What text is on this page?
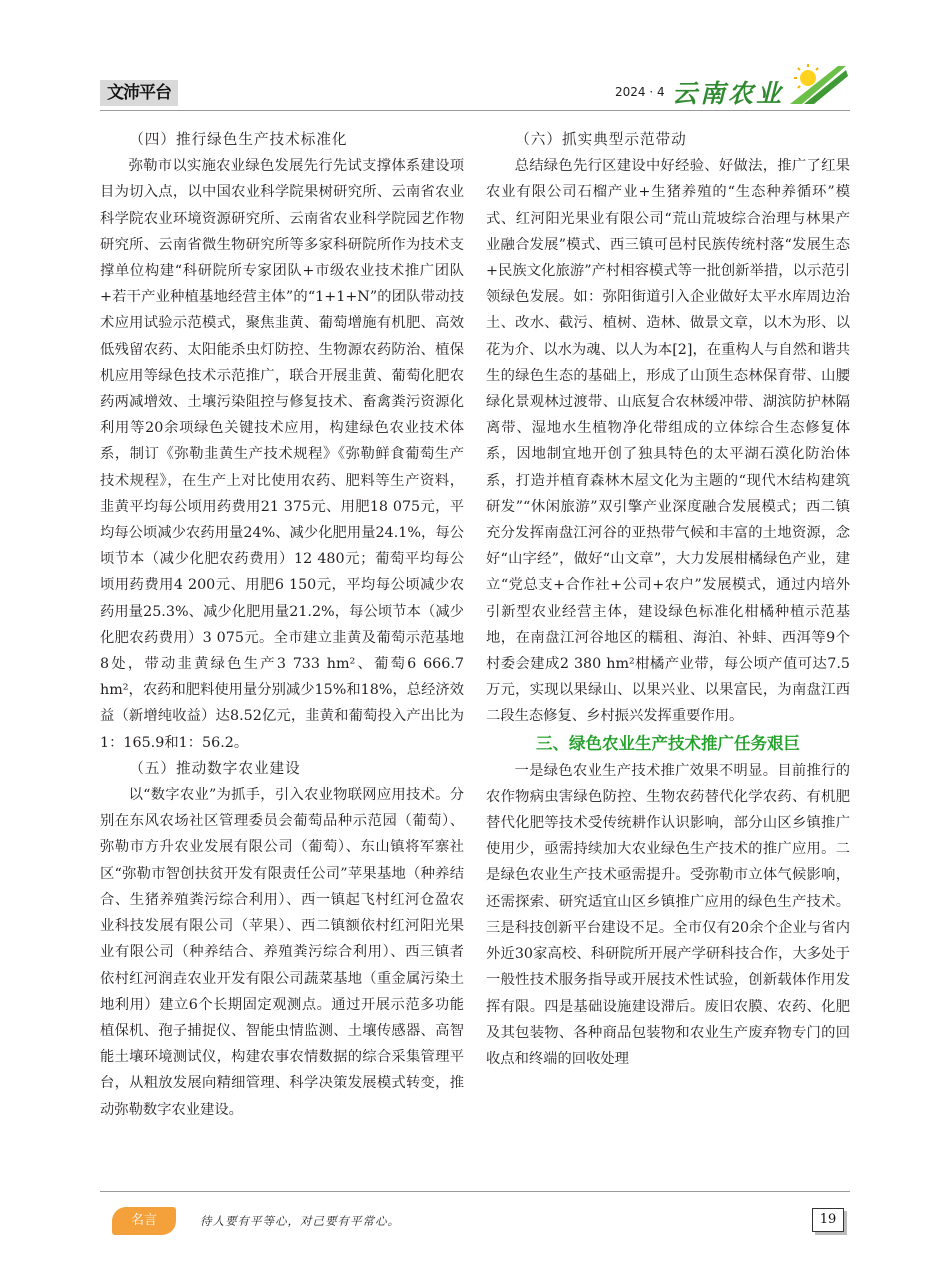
文沛平台	2024 · 4 云南农业
（四）推行绿色生产技术标准化

弥勒市以实施农业绿色发展先行先试支撑体系建设项目为切入点，以中国农业科学院果树研究所、云南省农业科学院农业环境资源研究所、云南省农业科学院园艺作物研究所、云南省微生物研究所等多家科研院所作为技术支撑单位构建“科研院所专家团队+市级农业技术推广团队+若干产业种植基地经营主体”的“1+1+N”的团队带动技术应用试验示范模式，聚焦韭黄、葡萄增施有机肥、高效低残留农药、太阳能杀虫灯防控、生物源农药防治、植保机应用等绿色技术示范推广，联合开展韭黄、葡萄化肥农药两减增效、土壤污染阻控与修复技术、畜禽粪污资源化利用等20余项绿色关键技术应用，构建绿色农业技术体系，制订《弥勒韭黄生产技术规程》《弥勒鲜食葡萄生产技术规程》，在生产上对比使用农药、肥料等生产资料，韭黄平均每公顷用药费用21 375元、用肥18 075元，平均每公顷减少农药用量24%、减少化肥用量24.1%，每公顷节本（减少化肥农药费用）12 480元；葡萄平均每公顷用药费用4 200元、用肥6 150元，平均每公顷减少农药用量25.3%、减少化肥用量21.2%，每公顷节本（减少化肥农药费用）3 075元。全市建立韭黄及葡萄示范基地8处，带动韭黄绿色生产3 733 hm²、葡萄6 666.7 hm²，农药和肥料使用量分别减少15%和18%，总经济效益（新增纯收益）达8.52亿元，韭黄和葡萄投入产出比为1：165.9和1：56.2。

（五）推动数字农业建设

以“数字农业”为抓手，引入农业物联网应用技术。分别在东风农场社区管理委员会葡萄品种示范园（葡萄）、弥勒市方升农业发展有限公司（葡萄）、东山镇将军寨社区“弥勒市智创扶贫开发有限责任公司”苹果基地（种养结合、生猪养殖粪污综合利用）、西一镇起飞村红河仓盈农业科技发展有限公司（苹果）、西二镇额依村红河阳光果业有限公司（种养结合、养殖粪污综合利用）、西三镇者依村红河润垚农业开发有限公司蔬菜基地（重金属污染土地利用）建立6个长期固定观测点。通过开展示范多功能植保机、孢子捕捉仪、智能虫情监测、土壤传感器、高智能土壤环境测试仪，构建农事农情数据的综合采集管理平台，从粗放发展向精细管理、科学决策发展模式转变，推动弥勒数字农业建设。

（六）抓实典型示范带动

总结绿色先行区建设中好经验、好做法，推广了红果农业有限公司石榴产业+生猪养殖的“生态种养循环”模式、红河阳光果业有限公司“荒山荒坡综合治理与林果产业融合发展”模式、西三镇可邑村民族传统村落“发展生态+民族文化旅游”产村相容模式等一批创新举措，以示范引领绿色发展。如：弥阳街道引入企业做好太平水库周边治土、改水、截污、植树、造林、做景文章，以木为形、以花为介、以水为魂、以人为本[2]，在重构人与自然和谐共生的绿色生态的基础上，形成了山顶生态林保育带、山腰绿化景观林过渡带、山底复合农林缓冲带、湖滨防护林隔离带、湿地水生植物净化带组成的立体综合生态修复体系，因地制宜地开创了独具特色的太平湖石漠化防治体系，打造并植育森林木屋文化为主题的“现代木结构建筑研发”“休闲旅游”双引擎产业深度融合发展模式；西二镇充分发挥南盘江河谷的亚热带气候和丰富的土地资源，念好“山字经”，做好“山文章”，大力发展柑橘绿色产业，建立“党总支+合作社+公司+农户”发展模式，通过内培外引新型农业经营主体，建设绿色标准化柑橘种植示范基地，在南盘江河谷地区的糯租、海泊、补蚌、西洱等9个村委会建成2 380 hm²柑橘产业带，每公顷产值可达7.5万元，实现以果绿山、以果兴业、以果富民，为南盘江西二段生态修复、乡村振兴发挥重要作用。

三、绿色农业生产技术推广任务艰巨

一是绿色农业生产技术推广效果不明显。目前推行的农作物病虫害绿色防控、生物农药替代化学农药、有机肥替代化肥等技术受传统耕作认识影响，部分山区乡镇推广使用少，亟需持续加大农业绿色生产技术的推广应用。二是绿色农业生产技术亟需提升。受弥勒市立体气候影响，还需探索、研究适宜山区乡镇推广应用的绿色生产技术。三是科技创新平台建设不足。全市仅有20余个企业与省内外近30家高校、科研院所开展产学研科技合作，大多处于一般性技术服务指导或开展技术性试验，创新载体作用发挥有限。四是基础设施建设滞后。废旧农膜、农药、化肥及其包装物、各种商品包装物和农业生产废弃物专门的回收点和终端的回收处理

名言	待人要有平等心，对己要有平常心。	19
